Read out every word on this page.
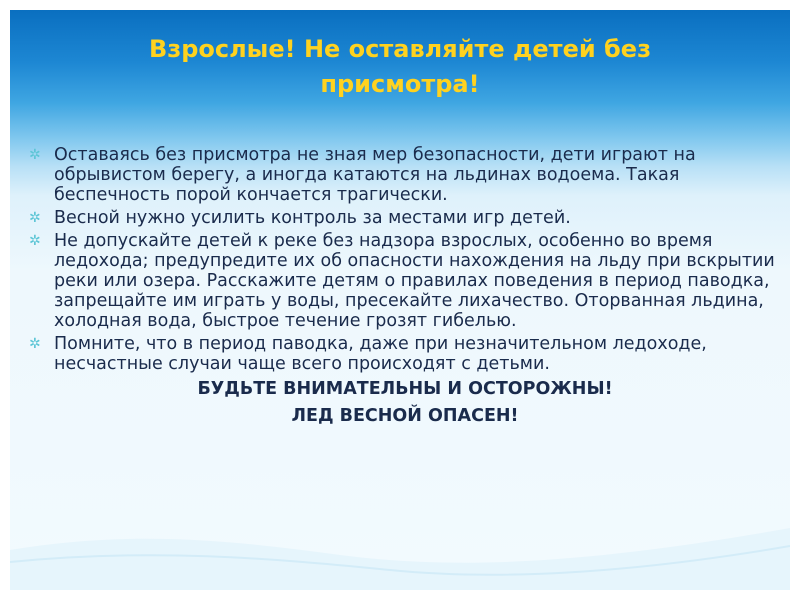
Взрослые! Не оставляйте детей без присмотра!
✲ Оставаясь без присмотра не зная мер безопасности, дети играют на обрывистом берегу, а иногда катаются на льдинах водоема. Такая беспечность порой кончается трагически.
✲ Весной нужно усилить контроль за местами игр детей.
✲ Не допускайте детей к реке без надзора взрослых, особенно во время ледохода; предупредите их об опасности нахождения на льду при вскрытии реки или озера. Расскажите детям о правилах поведения в период паводка, запрещайте им играть у воды, пресекайте лихачество. Оторванная льдина, холодная вода, быстрое течение грозят гибелью.
✲ Помните, что в период паводка, даже при незначительном ледоходе, несчастные случаи чаще всего происходят с детьми.
БУДЬТЕ ВНИМАТЕЛЬНЫ И ОСТОРОЖНЫ!
ЛЕД ВЕСНОЙ ОПАСЕН!
